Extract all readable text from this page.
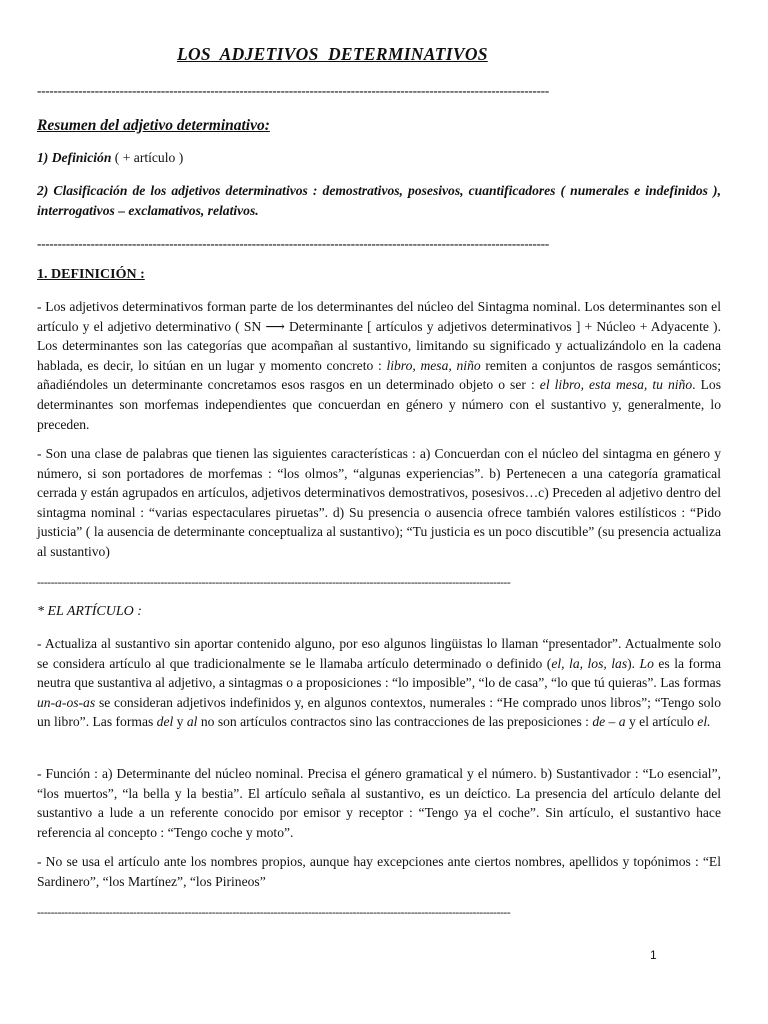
LOS  ADJETIVOS  DETERMINATIVOS
----------------------------------------------------------------------------------------------------------------------------
Resumen del adjetivo determinativo:
1) Definición ( + artículo )
2) Clasificación de los adjetivos determinativos : demostrativos, posesivos, cuantificadores ( numerales e indefinidos ), interrogativos – exclamativos, relativos.
----------------------------------------------------------------------------------------------------------------------------
1. DEFINICIÓN :
- Los adjetivos determinativos forman parte de los determinantes del núcleo del Sintagma nominal. Los determinantes son el artículo y el adjetivo determinativo ( SN ⟶ Determinante [ artículos y adjetivos determinativos ] + Núcleo + Adyacente ). Los determinantes son las categorías que acompañan al sustantivo, limitando su significado y actualizándolo en la cadena hablada, es decir, lo sitúan en un lugar y momento concreto : libro, mesa, niño remiten a conjuntos de rasgos semánticos; añadiéndoles un determinante concretamos esos rasgos en un determinado objeto o ser : el libro, esta mesa, tu niño. Los determinantes son morfemas independientes que concuerdan en género y número con el sustantivo y, generalmente, lo preceden.
- Son una clase de palabras que tienen las siguientes características : a) Concuerdan con el núcleo del sintagma en género y número, si son portadores de morfemas : “los olmos”, “algunas experiencias”. b) Pertenecen a una categoría gramatical cerrada y están agrupados en artículos, adjetivos determinativos demostrativos, posesivos…c) Preceden al adjetivo dentro del sintagma nominal : “varias espectaculares piruetas”. d) Su presencia o ausencia ofrece también valores estilísticos : “Pido justicia” ( la ausencia de determinante conceptualiza al sustantivo); “Tu justicia es un poco discutible” (su presencia actualiza al sustantivo)
------------------------------------------------------------------------------------------------------------------------------------------
* EL ARTÍCULO :
- Actualiza al sustantivo sin aportar contenido alguno, por eso algunos lingüistas lo llaman “presentador”. Actualmente solo se considera artículo al que tradicionalmente se le llamaba artículo determinado o definido (el, la, los, las). Lo es la forma neutra que sustantiva al adjetivo, a sintagmas o a proposiciones : “lo imposible”, “lo de casa”, “lo que tú quieras”. Las formas un-a-os-as se consideran adjetivos indefinidos y, en algunos contextos, numerales : “He comprado unos libros”; “Tengo solo un libro”. Las formas del y al no son artículos contractos sino las contracciones de las preposiciones : de – a y el artículo el.
- Función : a) Determinante del núcleo nominal. Precisa el género gramatical y el número. b) Sustantivador : “Lo esencial”, “los muertos”, “la bella y la bestia”. El artículo señala al sustantivo, es un deíctico. La presencia del artículo delante del sustantivo a lude a un referente conocido por emisor y receptor : “Tengo ya el coche”. Sin artículo, el sustantivo hace referencia al concepto : “Tengo coche y moto”.
- No se usa el artículo ante los nombres propios, aunque hay excepciones ante ciertos nombres, apellidos y topónimos : “El Sardinero”, “los Martínez”, “los Pirineos”
------------------------------------------------------------------------------------------------------------------------------------------
1
